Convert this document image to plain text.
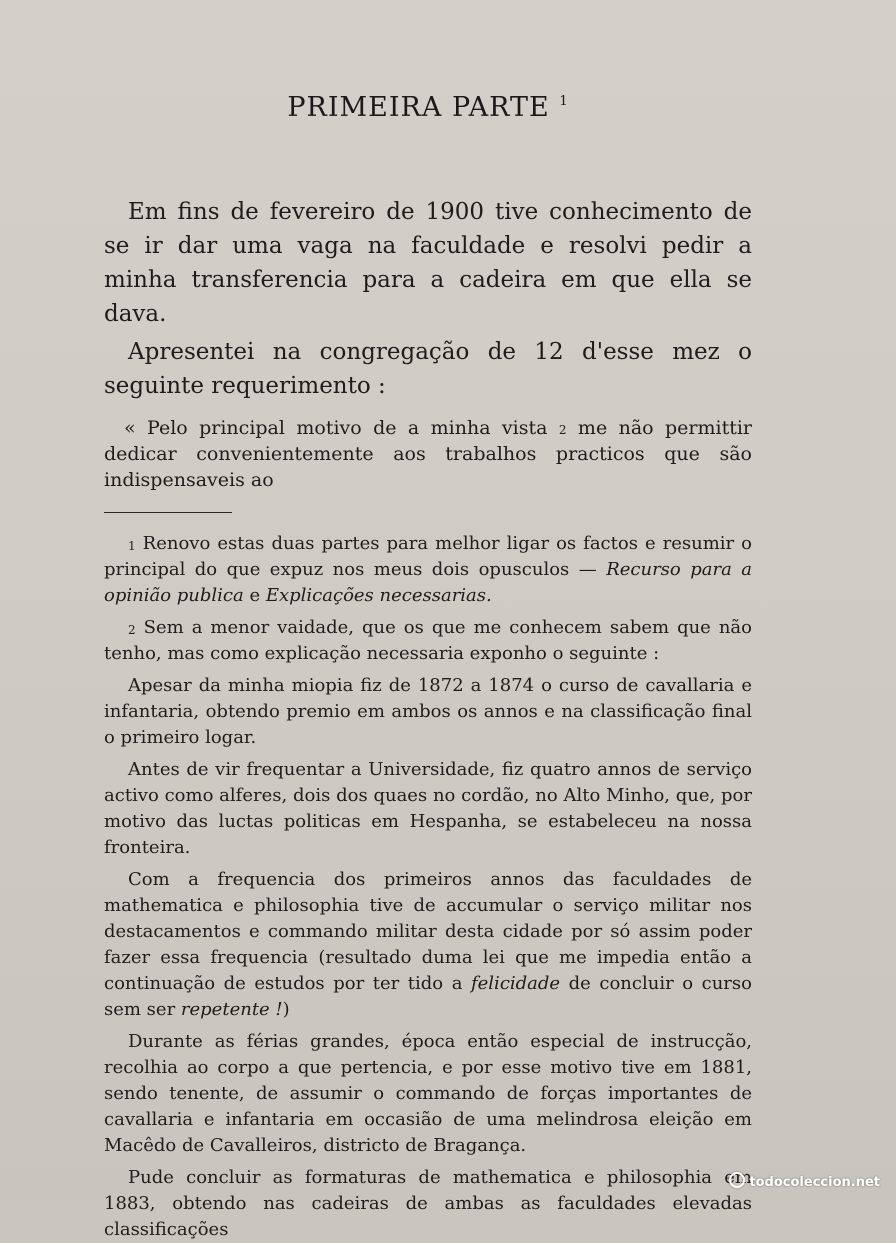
PRIMEIRA PARTE $^1$

Em fins de fevereiro de 1900 tive conhecimento de se ir dar uma vaga na faculdade e resolvi pedir a minha transferencia para a cadeira em que ella se dava.

Apresentei na congregação de 12 d'esse mez o seguinte requerimento :

« Pelo principal motivo de a minha vista $^2$ me não permittir dedicar convenientemente aos trabalhos practicos que são indispensaveis ao

$^1$ Renovo estas duas partes para melhor ligar os factos e resumir o principal do que expuz nos meus dois opusculos — Recurso para a opinião publica e Explicações necessarias.

$^2$ Sem a menor vaidade, que os que me conhecem sabem que não tenho, mas como explicação necessaria exponho o seguinte :

Apesar da minha miopia fiz de 1872 a 1874 o curso de cavallaria e infantaria, obtendo premio em ambos os annos e na classificação final o primeiro logar.

Antes de vir frequentar a Universidade, fiz quatro annos de serviço activo como alferes, dois dos quaes no cordão, no Alto Minho, que, por motivo das luctas politicas em Hespanha, se estabeleceu na nossa fronteira.

Com a frequencia dos primeiros annos das faculdades de mathematica e philosophia tive de accumular o serviço militar nos destacamentos e commando militar desta cidade por só assim poder fazer essa frequencia (resultado duma lei que me impedia então a continuação de estudos por ter tido a felicidade de concluir o curso sem ser repetente !)

Durante as férias grandes, época então especial de instrucção, recolhia ao corpo a que pertencia, e por esse motivo tive em 1881, sendo tenente, de assumir o commando de forças importantes de cavallaria e infantaria em occasião de uma melindrosa eleição em Macêdo de Cavalleiros, districto de Bragança.

Pude concluir as formaturas de mathematica e philosophia em 1883, obtendo nas cadeiras de ambas as faculdades elevadas classificações

todocoleccion.net
